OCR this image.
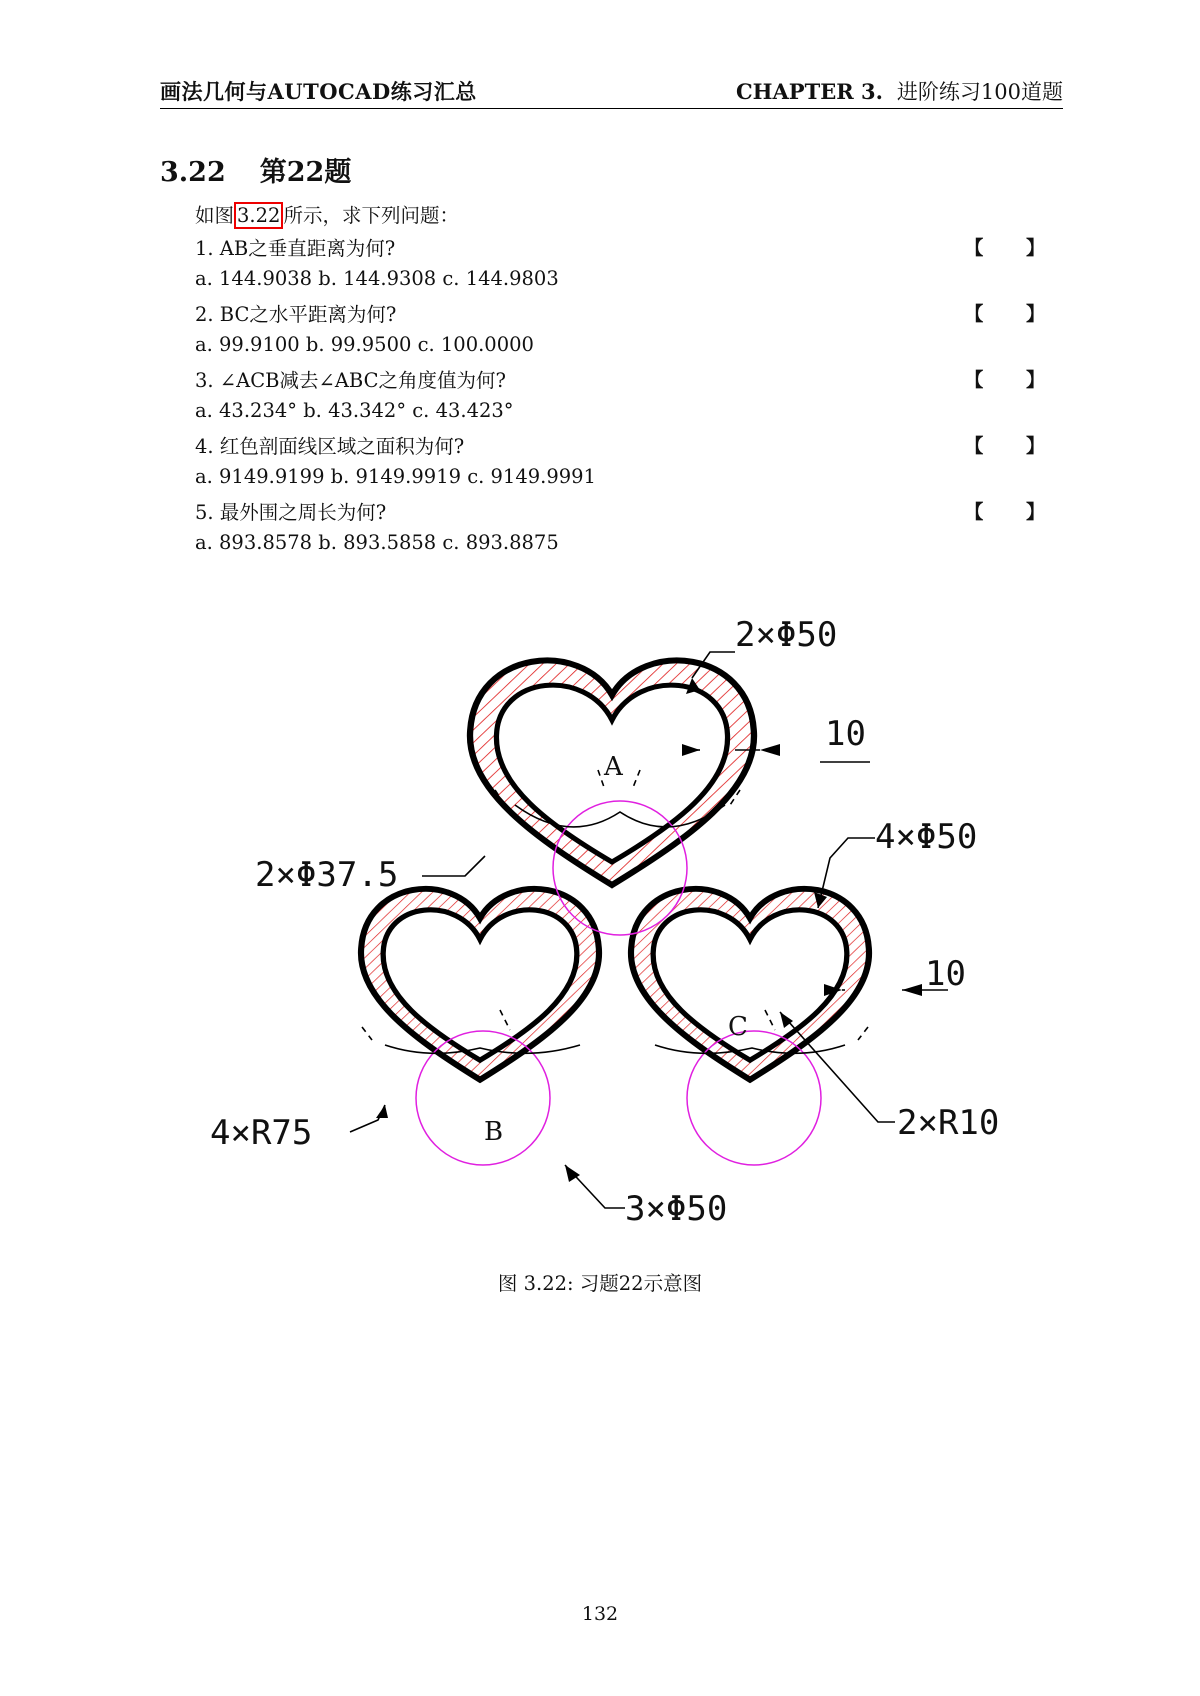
画法几何与AUTOCAD练习汇总	CHAPTER 3. 进阶练习100道题
3.22 第22题
如图 3.22 所示，求下列问题：
1. AB之垂直距离为何?	【 】
a. 144.9038 b. 144.9308 c. 144.9803
2. BC之水平距离为何?	【 】
a. 99.9100 b. 99.9500 c. 100.0000
3. ∠ACB减去∠ABC之角度值为何?	【 】
a. 43.234° b. 43.342° c. 43.423°
4. 红色剖面线区域之面积为何?	【 】
a. 9149.9199 b. 9149.9919 c. 9149.9991
5. 最外围之周长为何?	【 】
a. 893.8578 b. 893.5858 c. 893.8875
A
B
C
2×Φ50
10
2×Φ37.5
4×Φ50
10
4×R75	2×R10
3×Φ50
图 3.22: 习题22示意图
132
